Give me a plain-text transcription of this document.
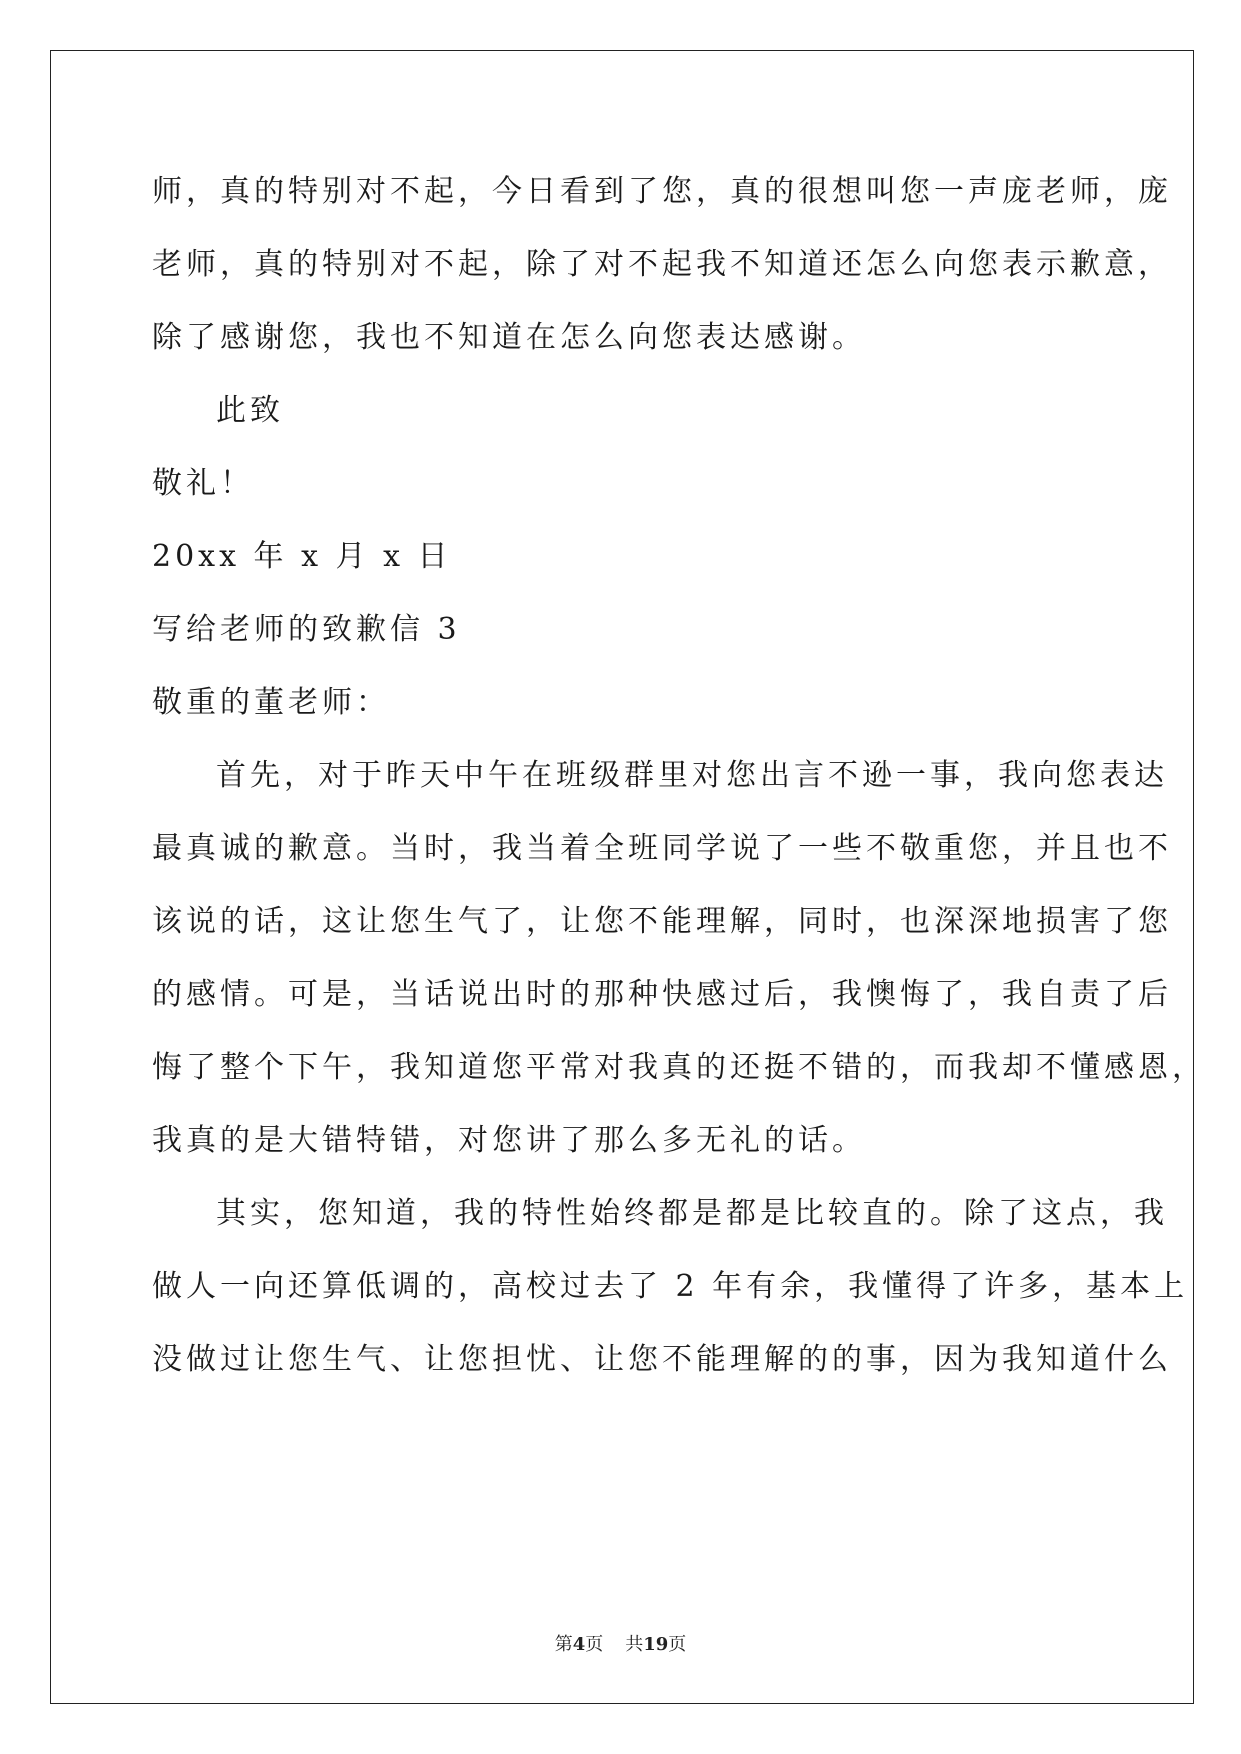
师，真的特别对不起，今日看到了您，真的很想叫您一声庞老师，庞
老师，真的特别对不起，除了对不起我不知道还怎么向您表示歉意，
除了感谢您，我也不知道在怎么向您表达感谢。
此致
敬礼！
20xx 年 x 月 x 日
写给老师的致歉信 3
敬重的董老师：
首先，对于昨天中午在班级群里对您出言不逊一事，我向您表达
最真诚的歉意。当时，我当着全班同学说了一些不敬重您，并且也不
该说的话，这让您生气了，让您不能理解，同时，也深深地损害了您
的感情。可是，当话说出时的那种快感过后，我懊悔了，我自责了后
悔了整个下午，我知道您平常对我真的还挺不错的，而我却不懂感恩，
我真的是大错特错，对您讲了那么多无礼的话。
其实，您知道，我的特性始终都是都是比较直的。除了这点，我
做人一向还算低调的，高校过去了 2 年有余，我懂得了许多，基本上
没做过让您生气、让您担忧、让您不能理解的的事，因为我知道什么
第4页 共19页
